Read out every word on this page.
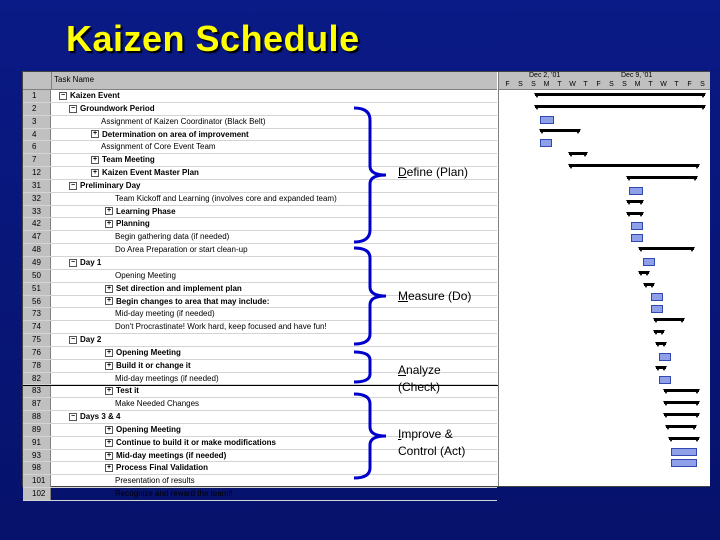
Kaizen Schedule
Task Name
1	− Kaizen Event
2	− Groundwork Period
3	Assignment of Kaizen Coordinator (Black Belt)
4	+ Determination on area of improvement
6	Assignment of Core Event Team
7	+ Team Meeting
12	+ Kaizen Event Master Plan
31	− Preliminary Day
32	Team Kickoff and Learning (involves core and expanded team)
33	+ Learning Phase
42	+ Planning
47	Begin gathering data (if needed)
48	Do Area Preparation or start clean-up
49	− Day 1
50	Opening Meeting
51	+ Set direction and implement plan
56	+ Begin changes to area that may include:
73	Mid-day meeting (if needed)
74	Don't Procrastinate! Work hard, keep focused and have fun!
75	− Day 2
76	+ Opening Meeting
78	+ Build it or change it
82	Mid-day meetings (if needed)
83	+ Test it
87	Make Needed Changes
88	− Days 3 & 4
89	+ Opening Meeting
91	+ Continue to build it or make modifications
93	+ Mid-day meetings (if needed)
98	+ Process Final Validation
101	Presentation of results
102	Recognize and reward the team!!
Dec 2, '01	Dec 9, '01
F	S	S	M	T	W	T	F	S	S	M	T	W	T	F	S
Define (Plan)
Measure (Do)
Analyze (Check)
Improve & Control (Act)
